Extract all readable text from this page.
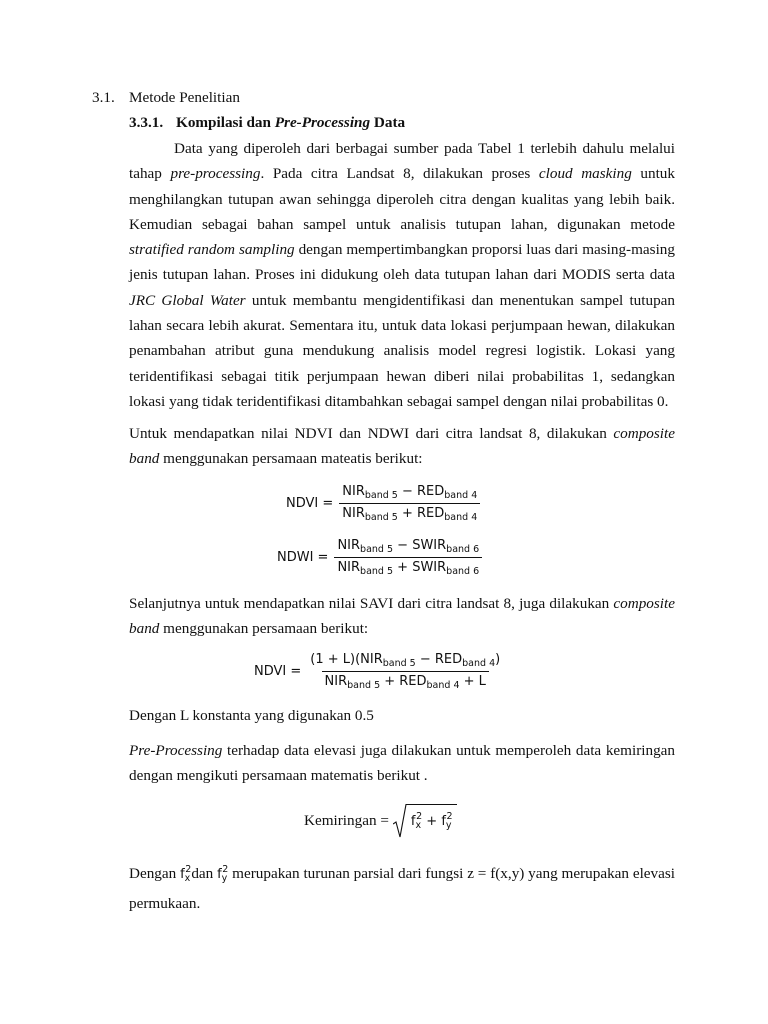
3.1. Metode Penelitian
3.3.1. Kompilasi dan Pre-Processing Data

Data yang diperoleh dari berbagai sumber pada Tabel 1 terlebih dahulu melalui tahap pre-processing. Pada citra Landsat 8, dilakukan proses cloud masking untuk menghilangkan tutupan awan sehingga diperoleh citra dengan kualitas yang lebih baik. Kemudian sebagai bahan sampel untuk analisis tutupan lahan, digunakan metode stratified random sampling dengan mempertimbangkan proporsi luas dari masing-masing jenis tutupan lahan. Proses ini didukung oleh data tutupan lahan dari MODIS serta data JRC Global Water untuk membantu mengidentifikasi dan menentukan sampel tutupan lahan secara lebih akurat. Sementara itu, untuk data lokasi perjumpaan hewan, dilakukan penambahan atribut guna mendukung analisis model regresi logistik. Lokasi yang teridentifikasi sebagai titik perjumpaan hewan diberi nilai probabilitas 1, sedangkan lokasi yang tidak teridentifikasi ditambahkan sebagai sampel dengan nilai probabilitas 0.

Untuk mendapatkan nilai NDVI dan NDWI dari citra landsat 8, dilakukan composite band menggunakan persamaan mateatis berikut:

NDVI = $\frac{NIR_{band 5} - RED_{band 4}}{NIR_{band 5} + RED_{band 4}}$
NDWI = $\frac{NIR_{band 5} - SWIR_{band 6}}{NIR_{band 5} + SWIR_{band 6}}$

Selanjutnya untuk mendapatkan nilai SAVI dari citra landsat 8, juga dilakukan composite band menggunakan persamaan berikut:

NDVI = $\frac{(1 + L)(NIR_{band 5} - RED_{band 4})}{NIR_{band 5} + RED_{band 4} + L}$
Dengan L konstanta yang digunakan 0.5

Pre-Processing terhadap data elevasi juga dilakukan untuk memperoleh data kemiringan dengan mengikuti persamaan matematis berikut .

Kemiringan =	$f_x^2 + f_y^2$

Dengan $f_x^2dan$ $f_y^2$ merupakan turunan parsial dari fungsi z = f(x,y) yang merupakan elevasi permukaan.
